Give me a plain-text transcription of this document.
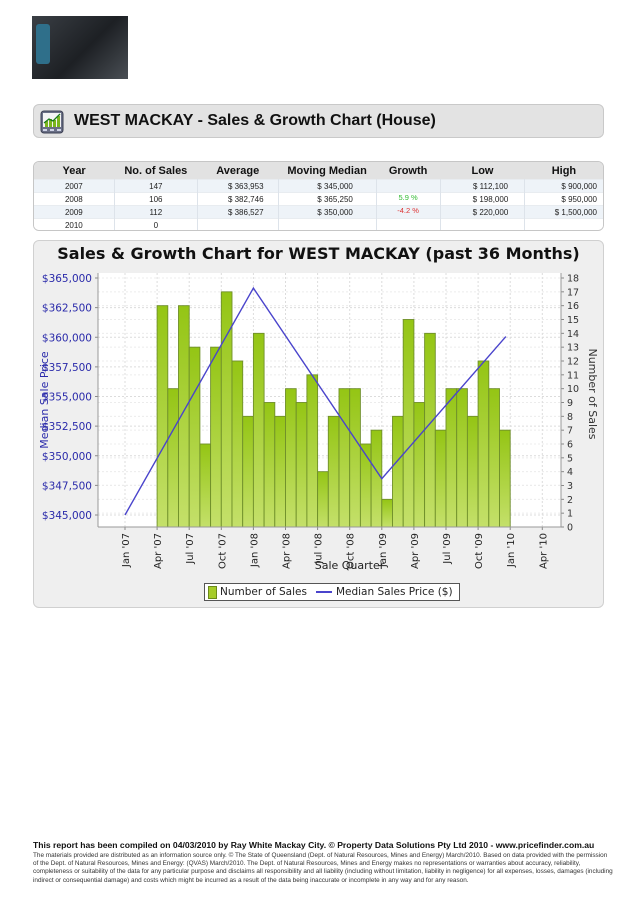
WEST MACKAY - Sales & Growth Chart (House)
Year	No. of Sales	Average	Moving Median	Growth	Low	High
2007	147	$ 363,953	$ 345,000		$ 112,100	$ 900,000
2008	106	$ 382,746	$ 365,250	5.9 %	$ 198,000	$ 950,000
2009	112	$ 386,527	$ 350,000	-4.2 %	$ 220,000	$ 1,500,000
2010	0					
Sales & Growth Chart for WEST MACKAY (past 36 Months)
$345,000
$347,500
$350,000
$352,500
$355,000
$357,500
$360,000
$362,500
$365,000
0
1
2
3
4
5
6
7
8
9
10
11
12
13
14
15
16
17
18
Jan '07 Apr '07 Jul '07 Oct '07 Jan '08 Apr '08 Jul '08 Oct '08 Jan '09 Apr '09 Jul '09 Oct '09 Jan '10 Apr '10
Median Sale Price	Number of Sales
Sale Quarter
Number of Sales	Median Sales Price ($)
This report has been compiled on 04/03/2010 by Ray White Mackay City. © Property Data Solutions Pty Ltd 2010 - www.pricefinder.com.au
The materials provided are distributed as an information source only. © The State of Queensland (Dept. of Natural Resources, Mines and Energy) March/2010. Based on data provided with the permission of the Dept. of Natural Resources, Mines and Energy: (QVAS) March/2010. The Dept. of Natural Resources, Mines and Energy makes no representations or warranties about accuracy, reliability, completeness or suitability of the data for any particular purpose and disclaims all responsibility and all liability (including without limitation, liability in negligence) for all expenses, losses, damages (including indirect or consequential damage) and costs which might be incurred as a result of the data being inaccurate or incomplete in any way and for any reason.
